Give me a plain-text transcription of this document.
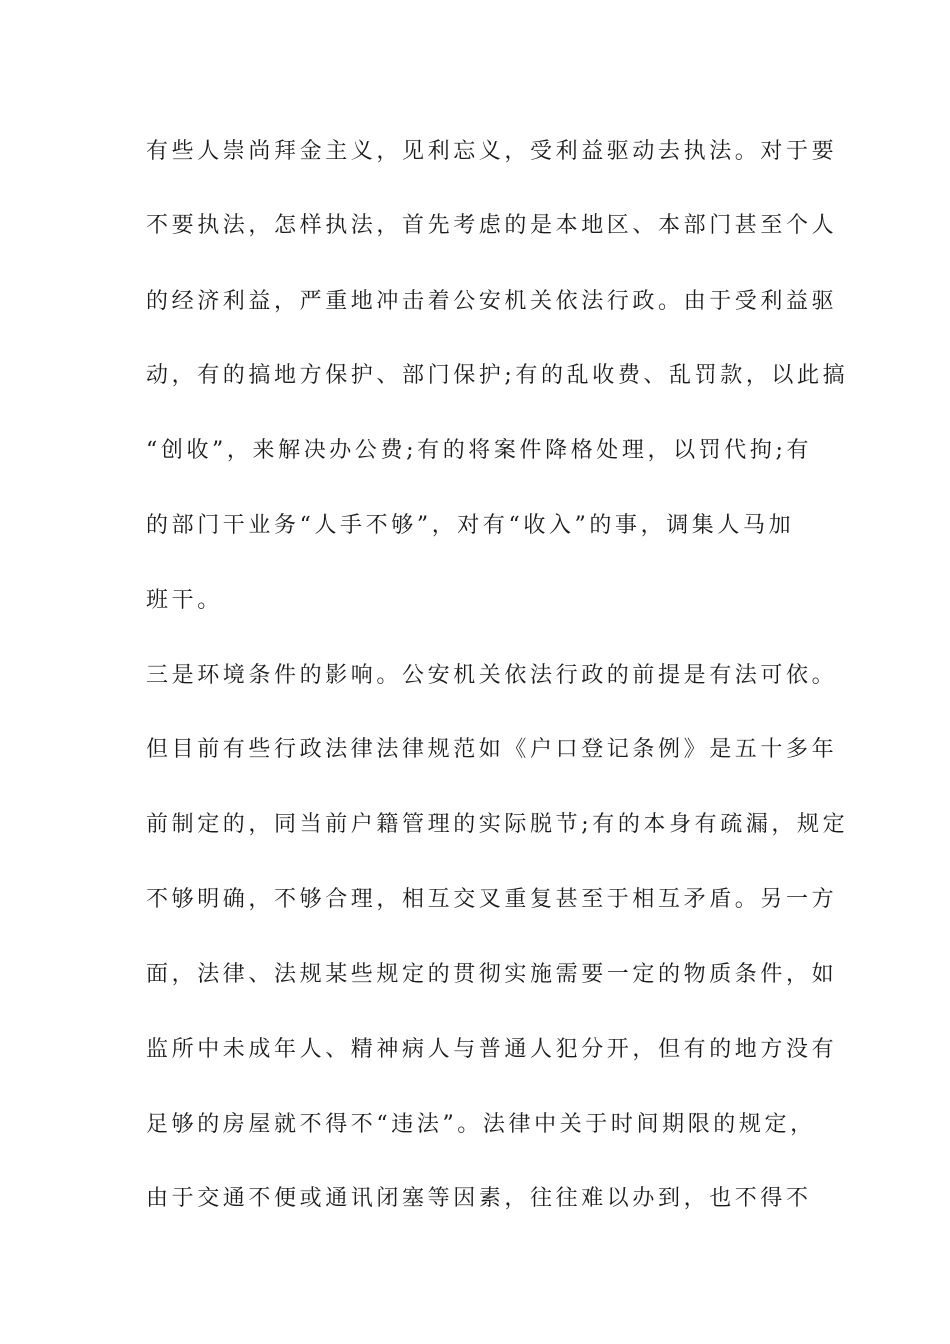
有些人崇尚拜金主义，见利忘义，受利益驱动去执法。对于要
不要执法，怎样执法，首先考虑的是本地区、本部门甚至个人
的经济利益，严重地冲击着公安机关依法行政。由于受利益驱
动，有的搞地方保护、部门保护;有的乱收费、乱罚款，以此搞
“创收”，来解决办公费;有的将案件降格处理，以罚代拘;有
的部门干业务“人手不够”，对有“收入”的事，调集人马加
班干。
三是环境条件的影响。公安机关依法行政的前提是有法可依。
但目前有些行政法律法律规范如《户口登记条例》是五十多年
前制定的，同当前户籍管理的实际脱节;有的本身有疏漏，规定
不够明确，不够合理，相互交叉重复甚至于相互矛盾。另一方
面，法律、法规某些规定的贯彻实施需要一定的物质条件，如
监所中未成年人、精神病人与普通人犯分开，但有的地方没有
足够的房屋就不得不“违法”。法律中关于时间期限的规定，
由于交通不便或通讯闭塞等因素，往往难以办到，也不得不
